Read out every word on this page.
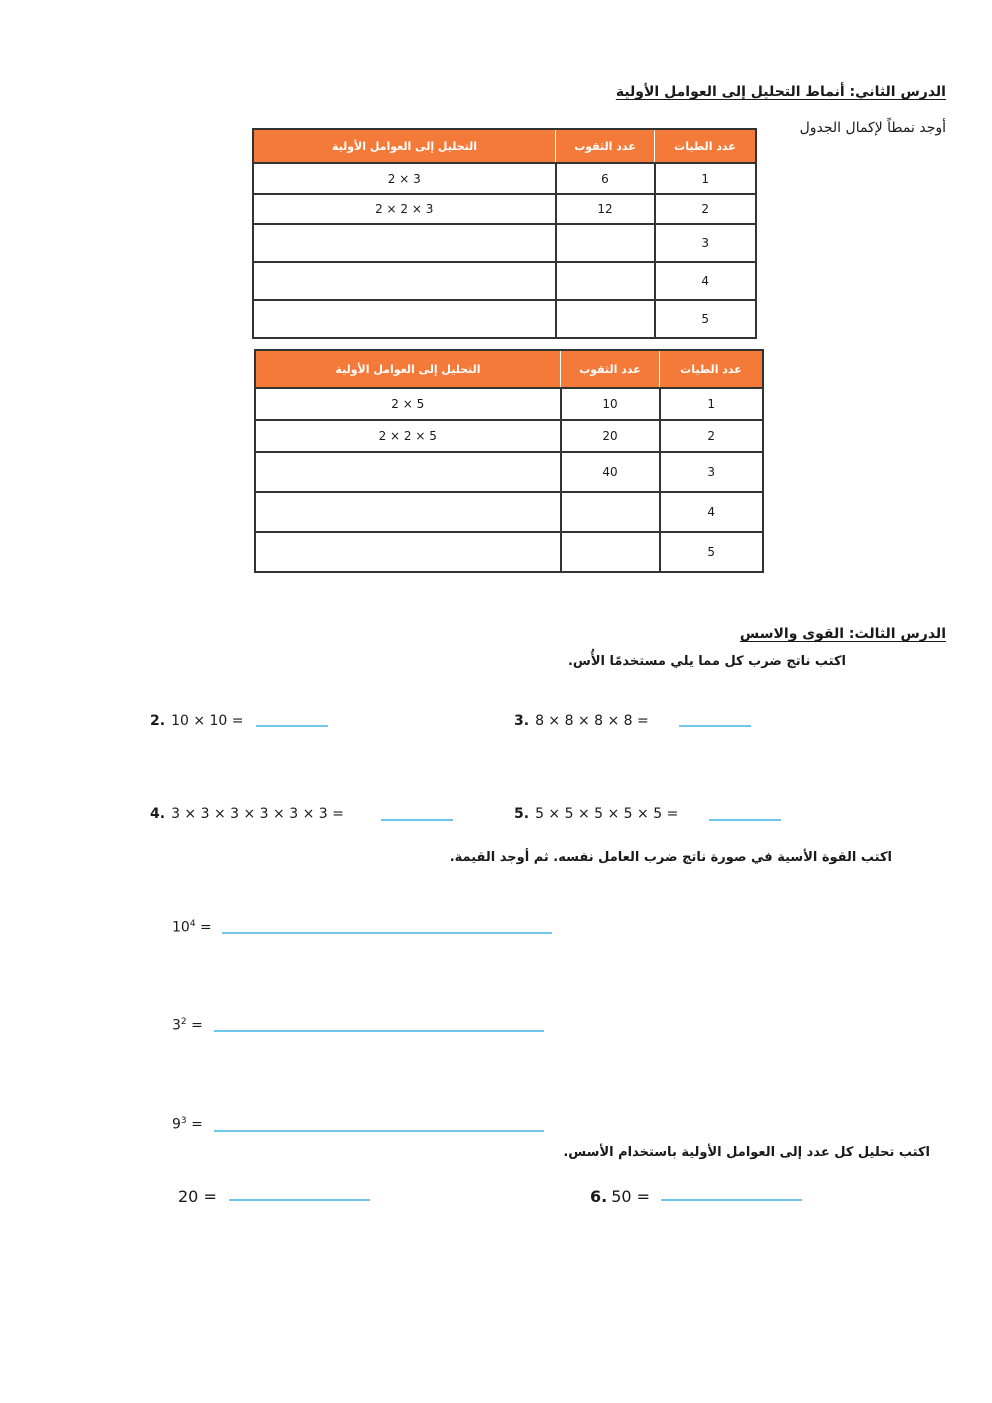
الدرس الثاني: أنماط التحليل إلى العوامل الأولية
أوجد نمطاً لإكمال الجدول
عدد الطيات	عدد الثقوب	التحليل إلى العوامل الأولية
1	6	2 × 3
2	12	2 × 2 × 3
3		
4		
5		
عدد الطيات	عدد الثقوب	التحليل إلى العوامل الأولية
1	10	2 × 5
2	20	2 × 2 × 5
3	40	
4		
5		
الدرس الثالث: القوى والاسس
اكتب ناتج ضرب كل مما يلي مستخدمًا الأُس.
2. 10 × 10 =	3. 8 × 8 × 8 × 8 =
4. 3 × 3 × 3 × 3 × 3 × 3 =	5. 5 × 5 × 5 × 5 × 5 =
اكتب القوة الأسية في صورة ناتج ضرب العامل نفسه. ثم أوجد القيمة.
$10^4$ =
$3^2$ =
$9^3$ =
اكتب تحليل كل عدد إلى العوامل الأولية باستخدام الأسس.
20 =	6. 50 =
